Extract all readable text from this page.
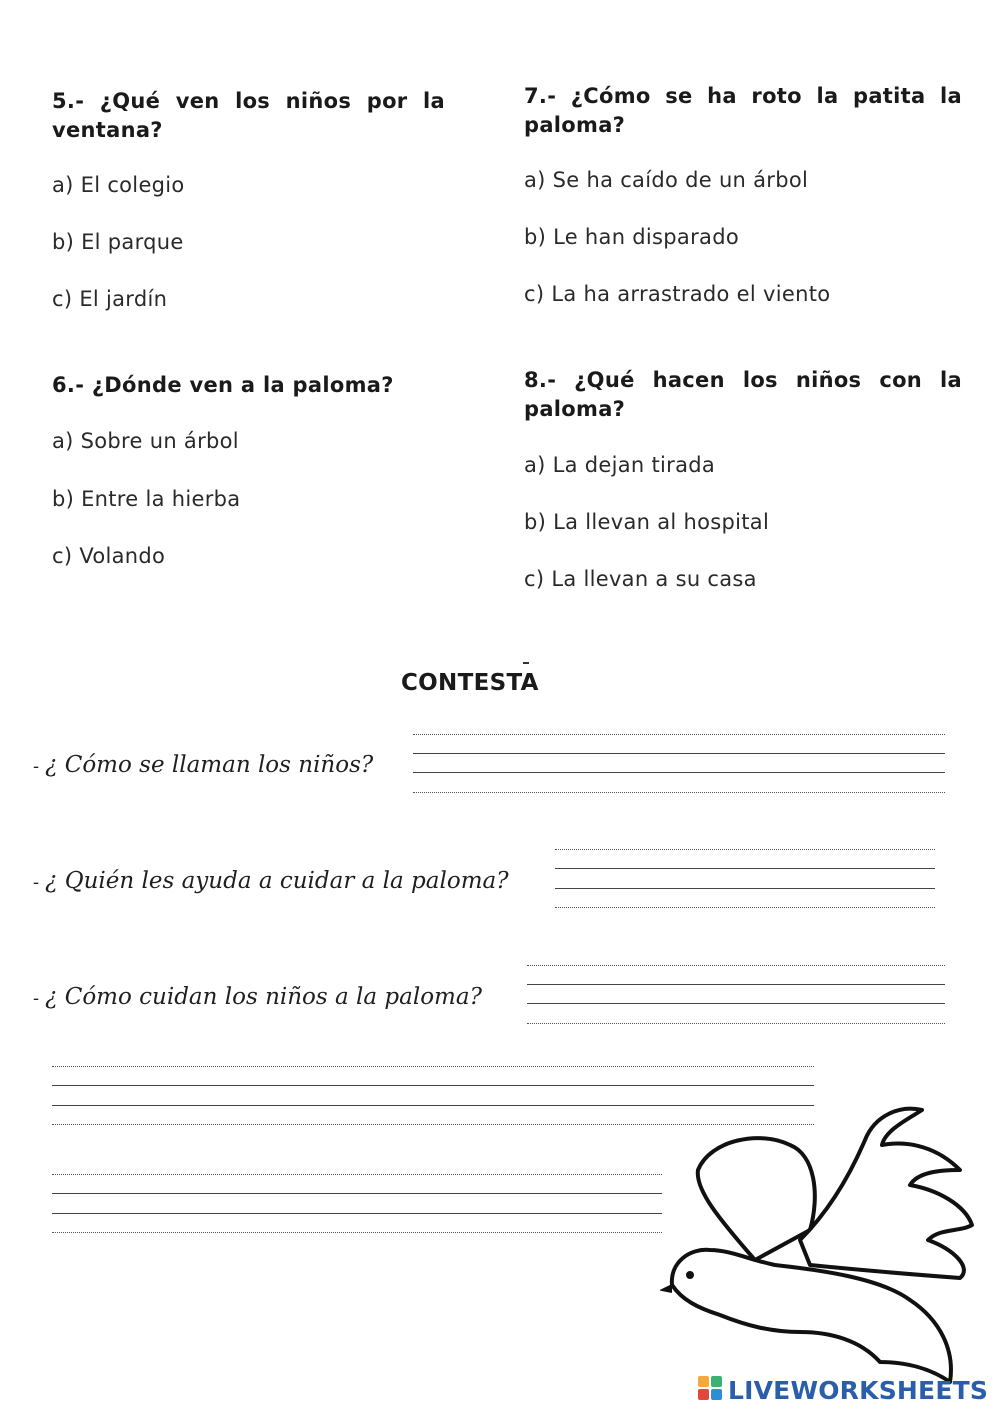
5.- ¿Qué ven los niños por la ventana?
a) El colegio
b) El parque
c) El jardín
6.- ¿Dónde ven a la paloma?
a) Sobre un árbol
b) Entre la hierba
c) Volando
7.- ¿Cómo se ha roto la patita la paloma?
a) Se ha caído de un árbol
b) Le han disparado
c) La ha arrastrado el viento
8.- ¿Qué hacen los niños con la paloma?
a) La dejan tirada
b) La llevan al hospital
c) La llevan a su casa
CONTESTA
- ¿ Cómo se llaman los niños?
- ¿ Quién les ayuda a cuidar a la paloma?
- ¿ Cómo cuidan los niños a la paloma?
LIVEWORKSHEETS
